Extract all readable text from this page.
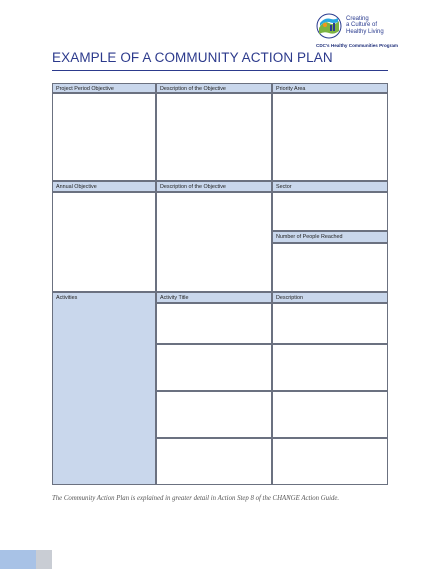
Creating
a Culture of
Healthy Living
CDC's Healthy Communities Program
EXAMPLE OF A COMMUNITY ACTION PLAN
Project Period Objective	Description of the Objective	Priority Area
Annual Objective	Description of the Objective	Sector
Number of People Reached
Activities	Activity Title	Description
The Community Action Plan is explained in greater detail in Action Step 8 of the CHANGE Action Guide.
